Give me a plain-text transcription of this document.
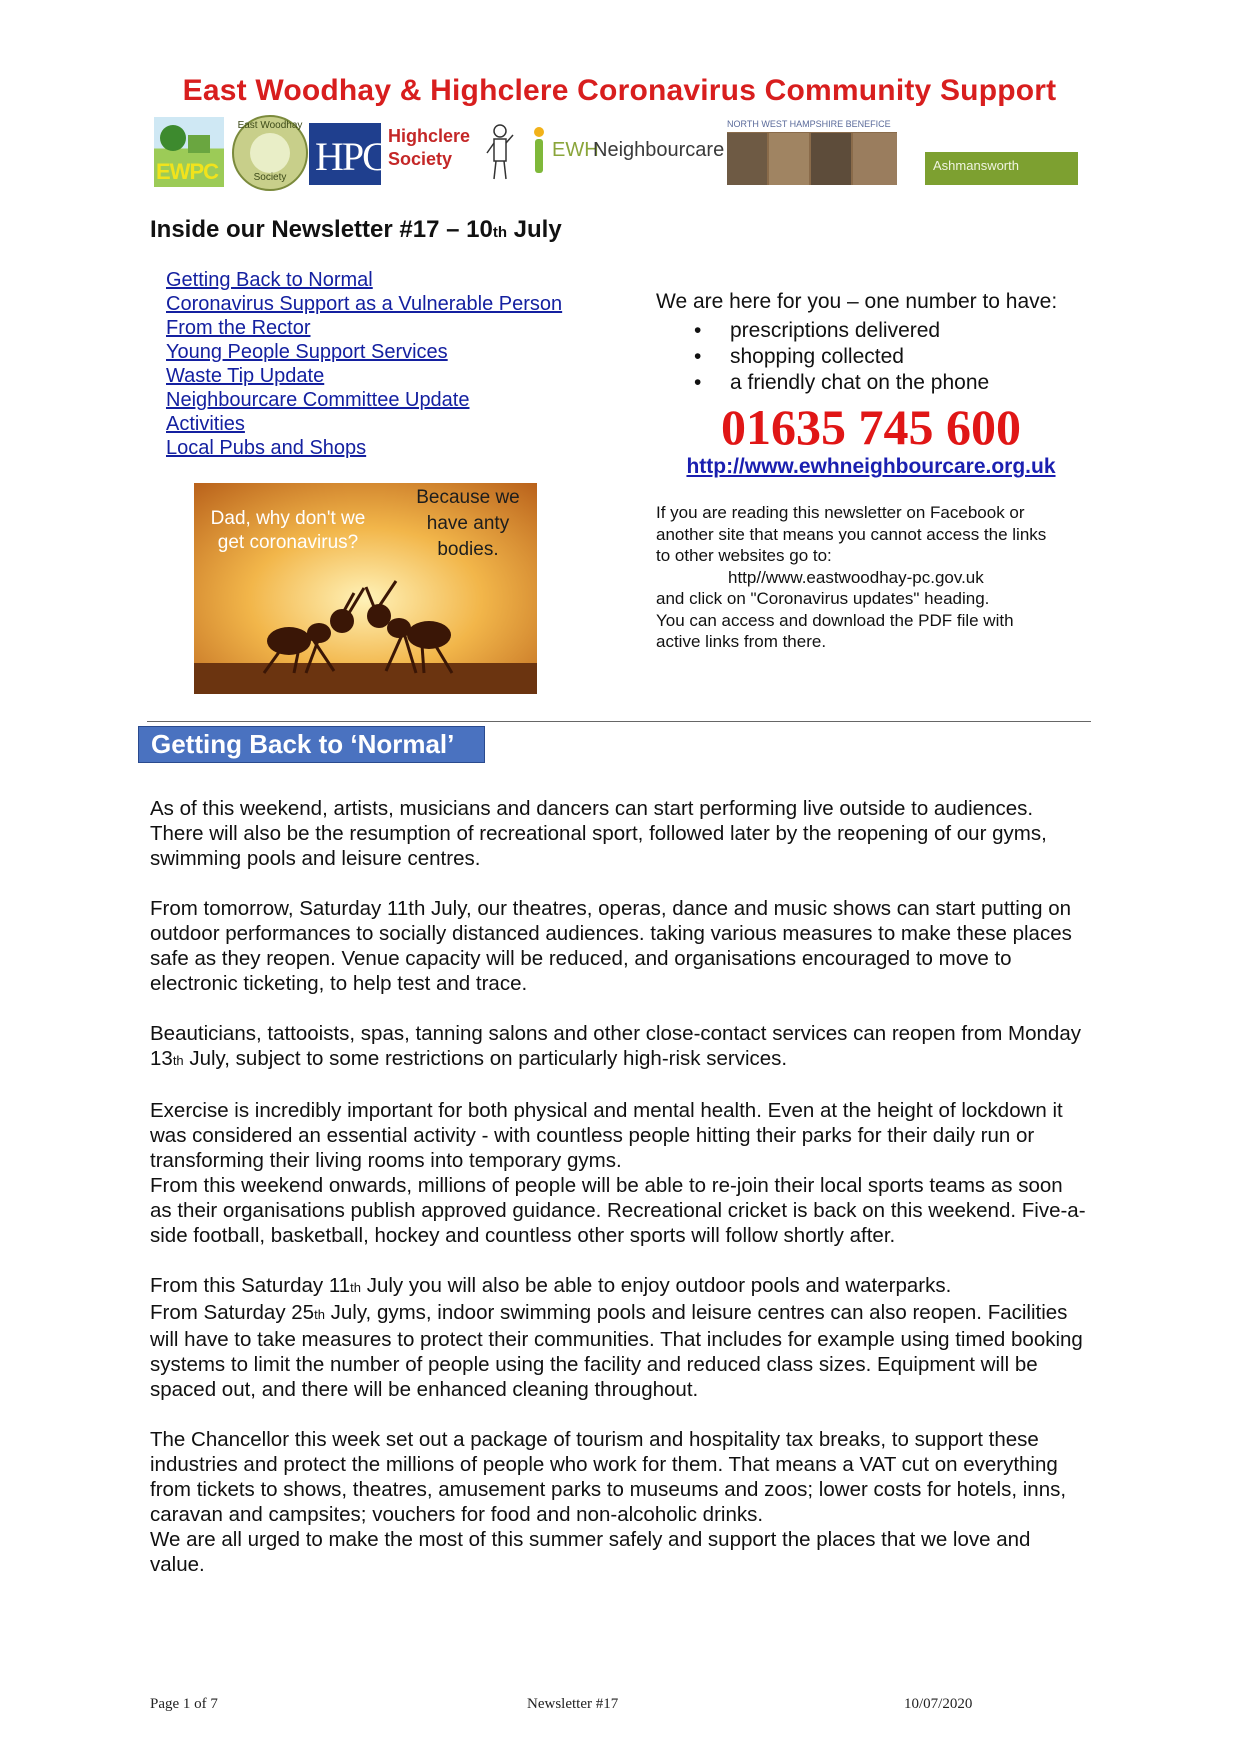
East Woodhay & Highclere Coronavirus Community Support
EWPC
East Woodhay
Society HPC Highclere
Society	EWH
Neighbourcare
NORTH WEST HAMPSHIRE BENEFICE
Ashmansworth
Inside our Newsletter #17 – 10th July
Getting Back to Normal
Coronavirus Support as a Vulnerable Person
From the Rector
Young People Support Services
Waste Tip Update
Neighbourcare Committee Update
Activities
Local Pubs and Shops
Dad, why don't we
get coronavirus?
Because we
have anty
bodies.
We are here for you – one number to have:
• prescriptions delivered
• shopping collected
• a friendly chat on the phone
01635 745 600
http://www.ewhneighbourcare.org.uk
If you are reading this newsletter on Facebook or
another site that means you cannot access the links
to other websites go to:
http//www.eastwoodhay-pc.gov.uk
and click on "Coronavirus updates" heading.
You can access and download the PDF file with
active links from there.
Getting Back to ‘Normal’

As of this weekend, artists, musicians and dancers can start performing live outside to audiences. There will also be the resumption of recreational sport, followed later by the reopening of our gyms, swimming pools and leisure centres.

From tomorrow, Saturday 11th July, our theatres, operas, dance and music shows can start putting on outdoor performances to socially distanced audiences. taking various measures to make these places safe as they reopen. Venue capacity will be reduced, and organisations encouraged to move to electronic ticketing, to help test and trace.

Beauticians, tattooists, spas, tanning salons and other close-contact services can reopen from Monday 13th July, subject to some restrictions on particularly high-risk services.

Exercise is incredibly important for both physical and mental health. Even at the height of lockdown it was considered an essential activity - with countless people hitting their parks for their daily run or transforming their living rooms into temporary gyms.
From this weekend onwards, millions of people will be able to re-join their local sports teams as soon as their organisations publish approved guidance. Recreational cricket is back on this weekend. Five-a-side football, basketball, hockey and countless other sports will follow shortly after.

From this Saturday 11th July you will also be able to enjoy outdoor pools and waterparks.
From Saturday 25th July, gyms, indoor swimming pools and leisure centres can also reopen. Facilities will have to take measures to protect their communities. That includes for example using timed booking systems to limit the number of people using the facility and reduced class sizes. Equipment will be spaced out, and there will be enhanced cleaning throughout.

The Chancellor this week set out a package of tourism and hospitality tax breaks, to support these industries and protect the millions of people who work for them. That means a VAT cut on everything from tickets to shows, theatres, amusement parks to museums and zoos; lower costs for hotels, inns, caravan and campsites; vouchers for food and non-alcoholic drinks.
We are all urged to make the most of this summer safely and support the places that we love and value.

Page 1 of 7	Newsletter #17	10/07/2020
